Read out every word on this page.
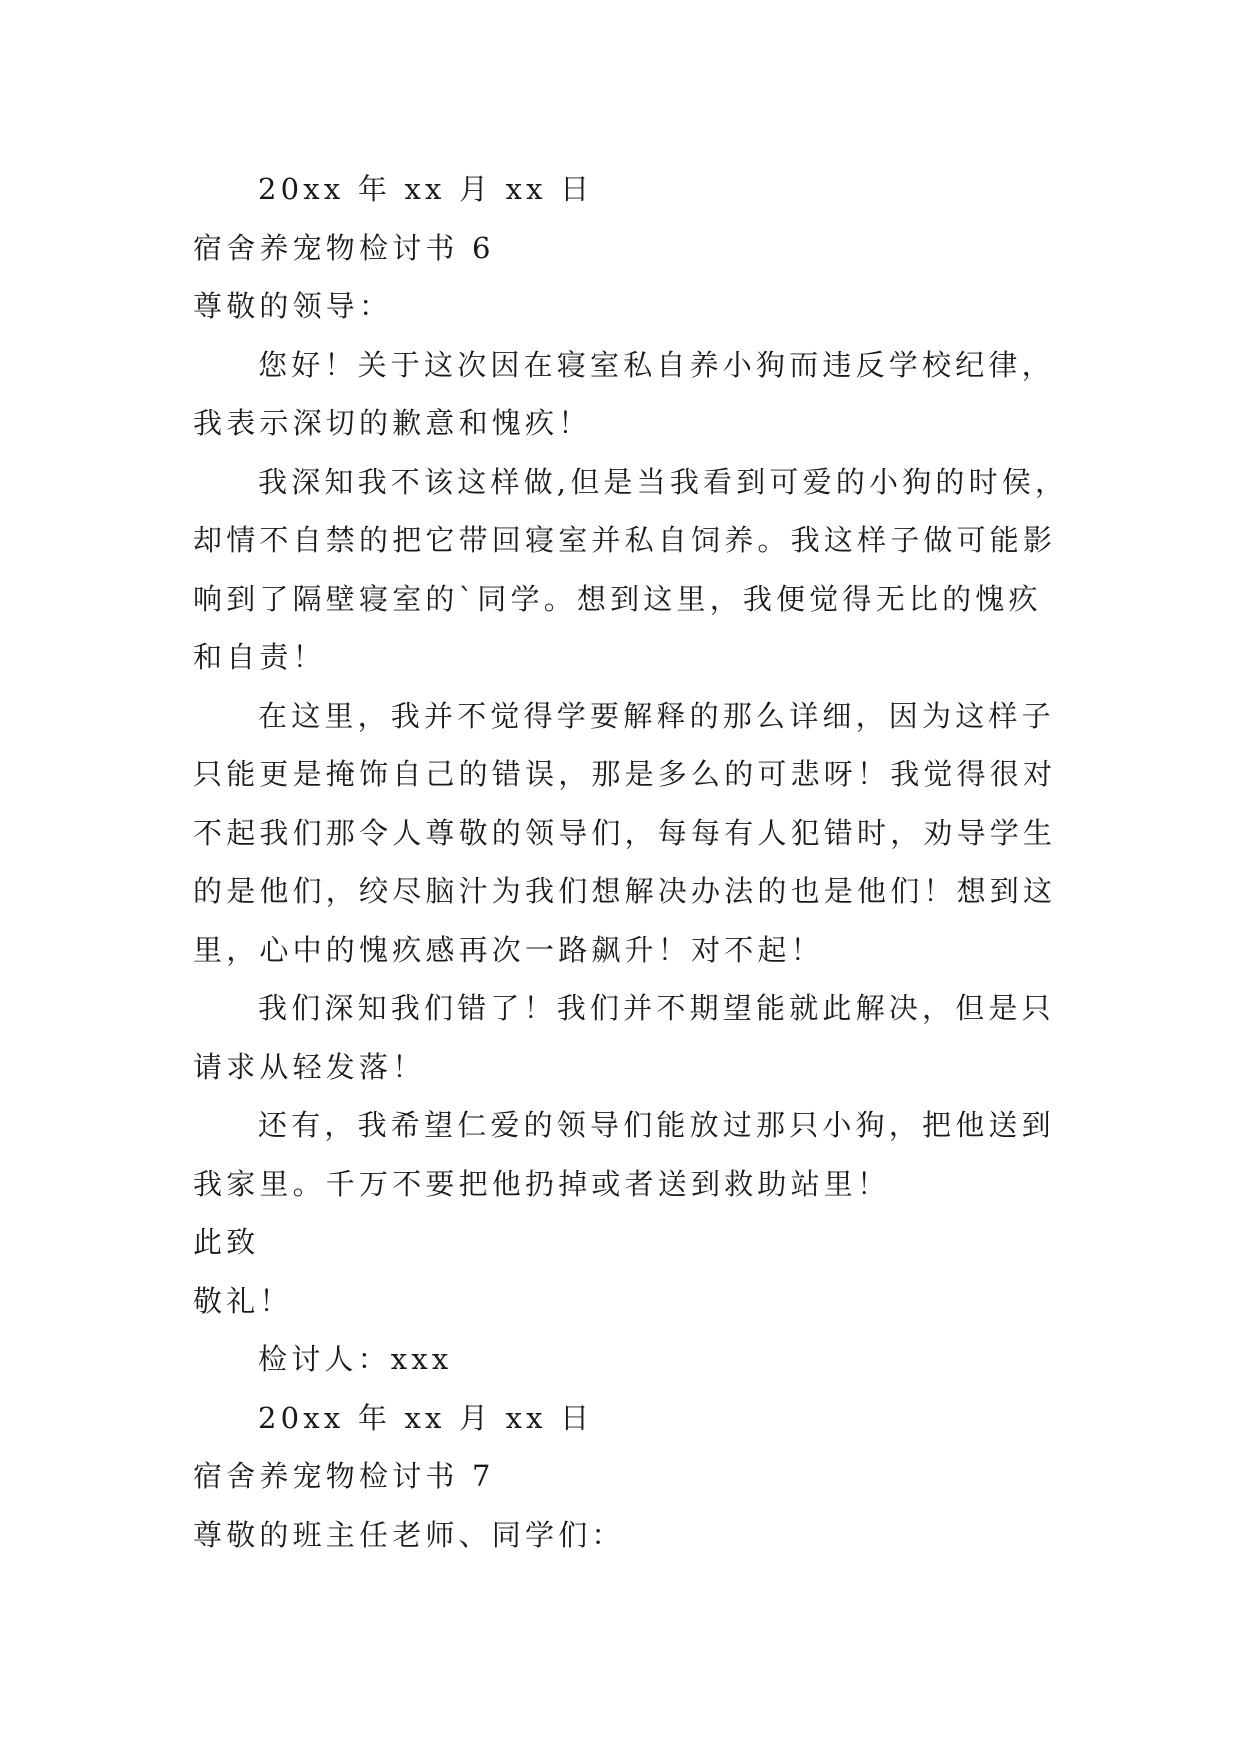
20xx 年 xx 月 xx 日
宿舍养宠物检讨书 6
尊敬的领导：
您好！关于这次因在寝室私自养小狗而违反学校纪律，
我表示深切的歉意和愧疚！
我深知我不该这样做,但是当我看到可爱的小狗的时侯，
却情不自禁的把它带回寝室并私自饲养。我这样子做可能影
响到了隔壁寝室的`同学。想到这里，我便觉得无比的愧疚
和自责！
在这里，我并不觉得学要解释的那么详细，因为这样子
只能更是掩饰自己的错误，那是多么的可悲呀！我觉得很对
不起我们那令人尊敬的领导们，每每有人犯错时，劝导学生
的是他们，绞尽脑汁为我们想解决办法的也是他们！想到这
里，心中的愧疚感再次一路飙升！对不起！
我们深知我们错了！我们并不期望能就此解决，但是只
请求从轻发落！
还有，我希望仁爱的领导们能放过那只小狗，把他送到
我家里。千万不要把他扔掉或者送到救助站里！
此致
敬礼！
检讨人：xxx
20xx 年 xx 月 xx 日
宿舍养宠物检讨书 7
尊敬的班主任老师、同学们：
